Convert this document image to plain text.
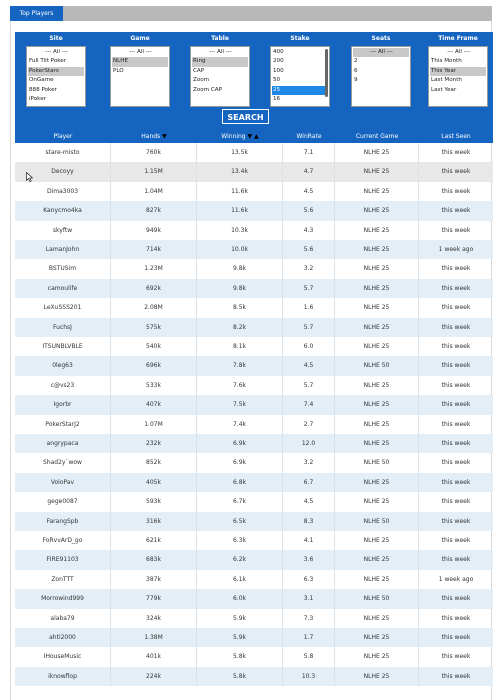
Top Players
Site
--- All ---
Full Tilt Poker
PokerStars
OnGame
888 Poker
iPoker
Game
--- All ---
NLHE
PLO
Table
--- All ---
Ring
CAP
Zoom
Zoom CAP
Stake
400
200
100
50
25
16
Seats
--- All ---
2
6
9
Time Frame
--- All ---
This Month
This Year
Last Month
Last Year
SEARCH
Player	Hands ▼	Winning ▼ ▲	WinRate	Current Game	Last Seen
stare-misto	760k	13.5k	7.1	NLHE 25	this week
Decoyy	1.15M	13.4k	4.7	NLHE 25	this week
Dima3003	1.04M	11.6k	4.5	NLHE 25	this week
Kanycmo4ka	827k	11.6k	5.6	NLHE 25	this week
skyftw	949k	10.3k	4.3	NLHE 25	this week
LamanJohn	714k	10.0k	5.6	NLHE 25	1 week ago
BSTUSim	1.23M	9.8k	3.2	NLHE 25	this week
camoulife	692k	9.8k	5.7	NLHE 25	this week
LeXuSSS201	2.08M	8.5k	1.6	NLHE 25	this week
FuchsJ	575k	8.2k	5.7	NLHE 25	this week
ITSUNBLVBLE	540k	8.1k	6.0	NLHE 25	this week
0leg63	696k	7.8k	4.5	NLHE 50	this week
c@vs23	533k	7.6k	5.7	NLHE 25	this week
Igorbr	407k	7.5k	7.4	NLHE 25	this week
PokerStarJ2	1.07M	7.4k	2.7	NLHE 25	this week
angrypaca	232k	6.9k	12.0	NLHE 25	this week
Shad2y`wow	852k	6.9k	3.2	NLHE 50	this week
VoloPav	405k	6.8k	6.7	NLHE 25	this week
gege0087	593k	6.7k	4.5	NLHE 25	this week
FarangSpb	316k	6.5k	8.3	NLHE 50	this week
FoRvvArD_go	621k	6.3k	4.1	NLHE 25	this week
FIRE91103	683k	6.2k	3.6	NLHE 25	this week
ZonTTT	387k	6.1k	6.3	NLHE 25	1 week ago
Morrowind999	779k	6.0k	3.1	NLHE 50	this week
alaba79	324k	5.9k	7.3	NLHE 25	this week
ahti2000	1.38M	5.9k	1.7	NLHE 25	this week
IHouseMusic	401k	5.8k	5.8	NLHE 25	this week
iknowflop	224k	5.8k	10.3	NLHE 25	this week
